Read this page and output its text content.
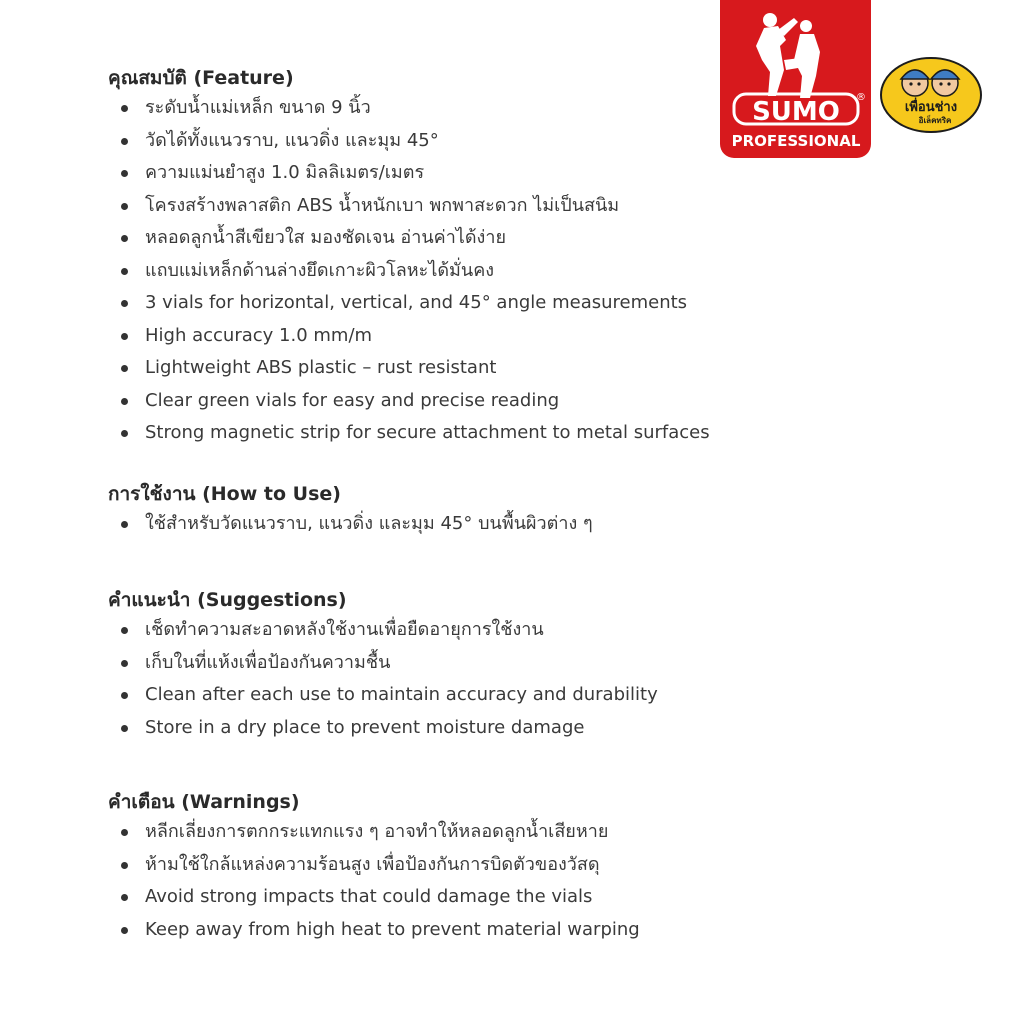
SUMO ®
PROFESSIONAL
เพื่อนช่าง
อิเล็คทริค
คุณสมบัติ (Feature)
ระดับน้ำแม่เหล็ก ขนาด 9 นิ้ว
วัดได้ทั้งแนวราบ, แนวดิ่ง และมุม 45°
ความแม่นยำสูง 1.0 มิลลิเมตร/เมตร
โครงสร้างพลาสติก ABS น้ำหนักเบา พกพาสะดวก ไม่เป็นสนิม
หลอดลูกน้ำสีเขียวใส มองชัดเจน อ่านค่าได้ง่าย
แถบแม่เหล็กด้านล่างยึดเกาะผิวโลหะได้มั่นคง
3 vials for horizontal, vertical, and 45° angle measurements
High accuracy 1.0 mm/m
Lightweight ABS plastic – rust resistant
Clear green vials for easy and precise reading
Strong magnetic strip for secure attachment to metal surfaces
การใช้งาน (How to Use)
ใช้สำหรับวัดแนวราบ, แนวดิ่ง และมุม 45° บนพื้นผิวต่าง ๆ
คำแนะนำ (Suggestions)
เช็ดทำความสะอาดหลังใช้งานเพื่อยืดอายุการใช้งาน
เก็บในที่แห้งเพื่อป้องกันความชื้น
Clean after each use to maintain accuracy and durability
Store in a dry place to prevent moisture damage
คำเตือน (Warnings)
หลีกเลี่ยงการตกกระแทกแรง ๆ อาจทำให้หลอดลูกน้ำเสียหาย
ห้ามใช้ใกล้แหล่งความร้อนสูง เพื่อป้องกันการบิดตัวของวัสดุ
Avoid strong impacts that could damage the vials
Keep away from high heat to prevent material warping
